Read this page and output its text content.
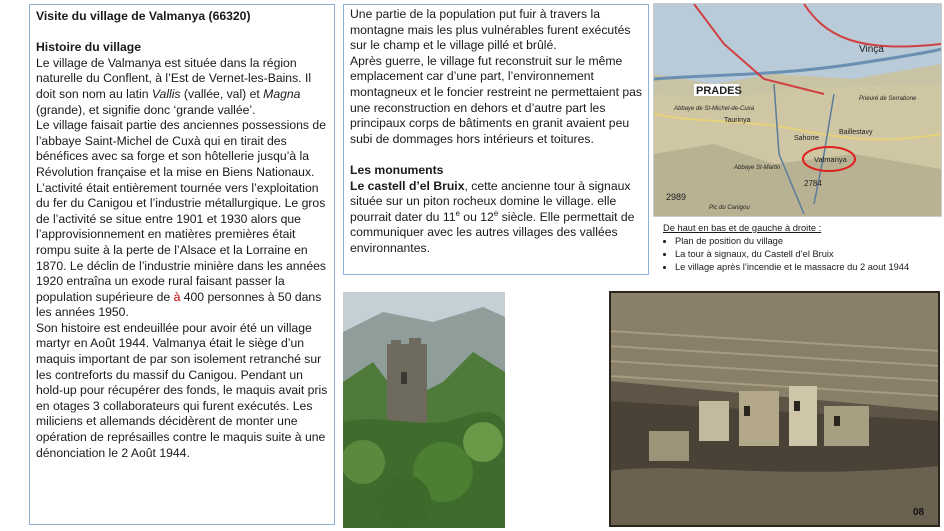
Visite du village de Valmanya (66320)

Histoire du village

Le village de Valmanya est située dans la région naturelle du Conflent, à l’Est de Vernet-les-Bains. Il doit son nom au latin Vallis (vallée, val) et Magna (grande), et signifie donc ‘grande vallée’.

Le village faisait partie des anciennes possessions de l’abbaye Saint-Michel de Cuxà qui en tirait des bénéfices avec sa forge et son hôtellerie jusqu’à la Révolution française et la mise en Biens Nationaux.

L’activité était entièrement tournée vers l’exploitation du fer du Canigou et l’industrie métallurgique. Le gros de l’activité se situe entre 1901 et 1930 alors que l’approvisionnement en matières premières était rompu suite à la perte de l’Alsace et la Lorraine en 1870. Le déclin de l’industrie minière dans les années 1920 entraîna un exode rural faisant passer la population supérieure de à 400 personnes à 50 dans les années 1950.

Son histoire est endeuillée pour avoir été un village martyr en Août 1944. Valmanya était le siège d’un maquis important de par son isolement retranché sur les contreforts du massif du Canigou. Pendant un hold-up pour récupérer des fonds, le maquis avait pris en otages 3 collaborateurs qui furent exécutés. Les miliciens et allemands décidèrent de monter une opération de représailles contre le maquis suite à une dénonciation le 2 Août 1944.

Une partie de la population put fuir à travers la montagne mais les plus vulnérables furent exécutés sur le champ et le village pillé et brûlé.

Après guerre, le village fut reconstruit sur le même emplacement car d’une part, l’environnement montagneux et le foncier restreint ne permettaient pas une reconstruction en dehors et d’autre part les principaux corps de bâtiments en granit avaient peu subi de dommages hors intérieurs et toitures.

Les monuments

Le castell d’el Bruix, cette ancienne tour à signaux située sur un piton rocheux domine le village. elle pourrait dater du 11e ou 12e siècle. Elle permettait de communiquer avec les autres villages des vallées environnantes.

PRADES
Vinça
Taurinya
Abbaye de St-Michel-de-Cuxa
Prieuré de Serrabone
Sahorre
Baillestavy
Abbaye St-Martin
Valmanya
2989
2784
Pic du Canigou
De haut en bas et de gauche à droite :
• Plan de position du village
• La tour à signaux, du Castell d’el Bruix
• Le village après l’incendie et le massacre du 2 aout 1944
08
